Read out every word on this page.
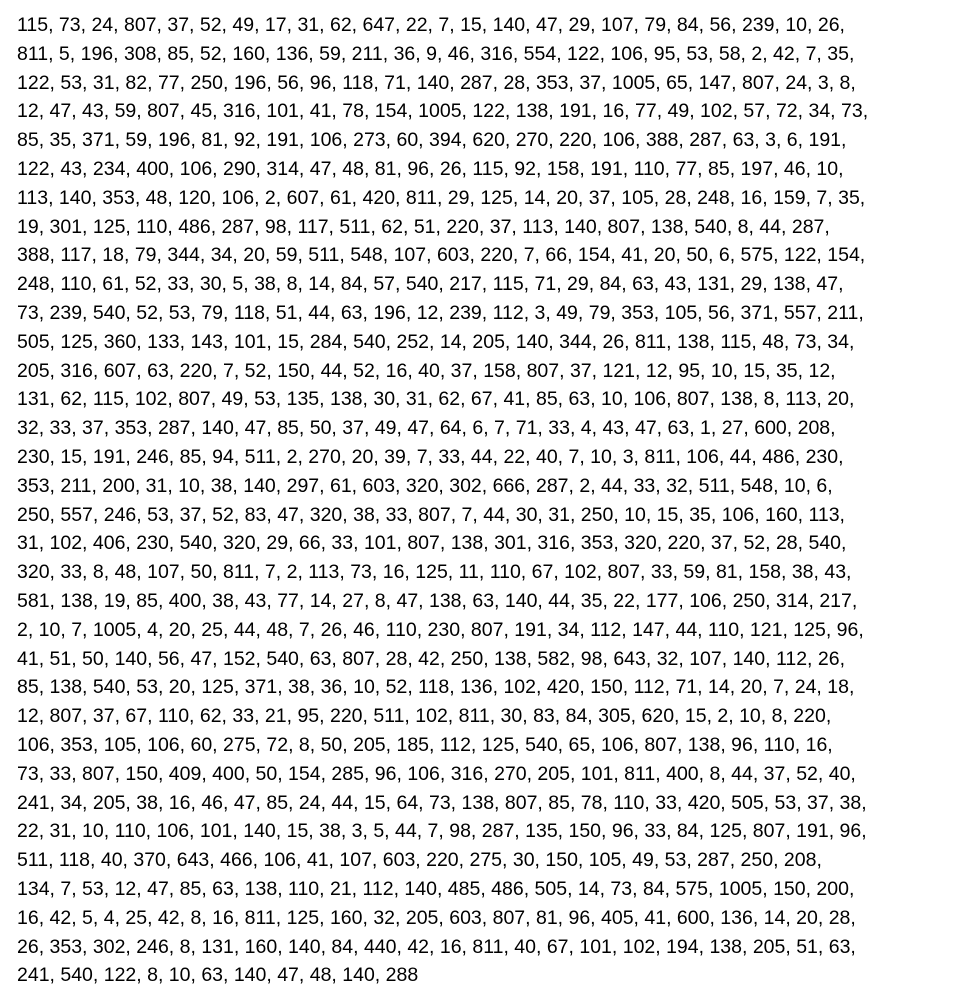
115, 73, 24, 807, 37, 52, 49, 17, 31, 62, 647, 22, 7, 15, 140, 47, 29, 107, 79, 84, 56, 239, 10, 26,
811, 5, 196, 308, 85, 52, 160, 136, 59, 211, 36, 9, 46, 316, 554, 122, 106, 95, 53, 58, 2, 42, 7, 35,
122, 53, 31, 82, 77, 250, 196, 56, 96, 118, 71, 140, 287, 28, 353, 37, 1005, 65, 147, 807, 24, 3, 8,
12, 47, 43, 59, 807, 45, 316, 101, 41, 78, 154, 1005, 122, 138, 191, 16, 77, 49, 102, 57, 72, 34, 73,
85, 35, 371, 59, 196, 81, 92, 191, 106, 273, 60, 394, 620, 270, 220, 106, 388, 287, 63, 3, 6, 191,
122, 43, 234, 400, 106, 290, 314, 47, 48, 81, 96, 26, 115, 92, 158, 191, 110, 77, 85, 197, 46, 10,
113, 140, 353, 48, 120, 106, 2, 607, 61, 420, 811, 29, 125, 14, 20, 37, 105, 28, 248, 16, 159, 7, 35,
19, 301, 125, 110, 486, 287, 98, 117, 511, 62, 51, 220, 37, 113, 140, 807, 138, 540, 8, 44, 287,
388, 117, 18, 79, 344, 34, 20, 59, 511, 548, 107, 603, 220, 7, 66, 154, 41, 20, 50, 6, 575, 122, 154,
248, 110, 61, 52, 33, 30, 5, 38, 8, 14, 84, 57, 540, 217, 115, 71, 29, 84, 63, 43, 131, 29, 138, 47,
73, 239, 540, 52, 53, 79, 118, 51, 44, 63, 196, 12, 239, 112, 3, 49, 79, 353, 105, 56, 371, 557, 211,
505, 125, 360, 133, 143, 101, 15, 284, 540, 252, 14, 205, 140, 344, 26, 811, 138, 115, 48, 73, 34,
205, 316, 607, 63, 220, 7, 52, 150, 44, 52, 16, 40, 37, 158, 807, 37, 121, 12, 95, 10, 15, 35, 12,
131, 62, 115, 102, 807, 49, 53, 135, 138, 30, 31, 62, 67, 41, 85, 63, 10, 106, 807, 138, 8, 113, 20,
32, 33, 37, 353, 287, 140, 47, 85, 50, 37, 49, 47, 64, 6, 7, 71, 33, 4, 43, 47, 63, 1, 27, 600, 208,
230, 15, 191, 246, 85, 94, 511, 2, 270, 20, 39, 7, 33, 44, 22, 40, 7, 10, 3, 811, 106, 44, 486, 230,
353, 211, 200, 31, 10, 38, 140, 297, 61, 603, 320, 302, 666, 287, 2, 44, 33, 32, 511, 548, 10, 6,
250, 557, 246, 53, 37, 52, 83, 47, 320, 38, 33, 807, 7, 44, 30, 31, 250, 10, 15, 35, 106, 160, 113,
31, 102, 406, 230, 540, 320, 29, 66, 33, 101, 807, 138, 301, 316, 353, 320, 220, 37, 52, 28, 540,
320, 33, 8, 48, 107, 50, 811, 7, 2, 113, 73, 16, 125, 11, 110, 67, 102, 807, 33, 59, 81, 158, 38, 43,
581, 138, 19, 85, 400, 38, 43, 77, 14, 27, 8, 47, 138, 63, 140, 44, 35, 22, 177, 106, 250, 314, 217,
2, 10, 7, 1005, 4, 20, 25, 44, 48, 7, 26, 46, 110, 230, 807, 191, 34, 112, 147, 44, 110, 121, 125, 96,
41, 51, 50, 140, 56, 47, 152, 540, 63, 807, 28, 42, 250, 138, 582, 98, 643, 32, 107, 140, 112, 26,
85, 138, 540, 53, 20, 125, 371, 38, 36, 10, 52, 118, 136, 102, 420, 150, 112, 71, 14, 20, 7, 24, 18,
12, 807, 37, 67, 110, 62, 33, 21, 95, 220, 511, 102, 811, 30, 83, 84, 305, 620, 15, 2, 10, 8, 220,
106, 353, 105, 106, 60, 275, 72, 8, 50, 205, 185, 112, 125, 540, 65, 106, 807, 138, 96, 110, 16,
73, 33, 807, 150, 409, 400, 50, 154, 285, 96, 106, 316, 270, 205, 101, 811, 400, 8, 44, 37, 52, 40,
241, 34, 205, 38, 16, 46, 47, 85, 24, 44, 15, 64, 73, 138, 807, 85, 78, 110, 33, 420, 505, 53, 37, 38,
22, 31, 10, 110, 106, 101, 140, 15, 38, 3, 5, 44, 7, 98, 287, 135, 150, 96, 33, 84, 125, 807, 191, 96,
511, 118, 40, 370, 643, 466, 106, 41, 107, 603, 220, 275, 30, 150, 105, 49, 53, 287, 250, 208,
134, 7, 53, 12, 47, 85, 63, 138, 110, 21, 112, 140, 485, 486, 505, 14, 73, 84, 575, 1005, 150, 200,
16, 42, 5, 4, 25, 42, 8, 16, 811, 125, 160, 32, 205, 603, 807, 81, 96, 405, 41, 600, 136, 14, 20, 28,
26, 353, 302, 246, 8, 131, 160, 140, 84, 440, 42, 16, 811, 40, 67, 101, 102, 194, 138, 205, 51, 63,
241, 540, 122, 8, 10, 63, 140, 47, 48, 140, 288
